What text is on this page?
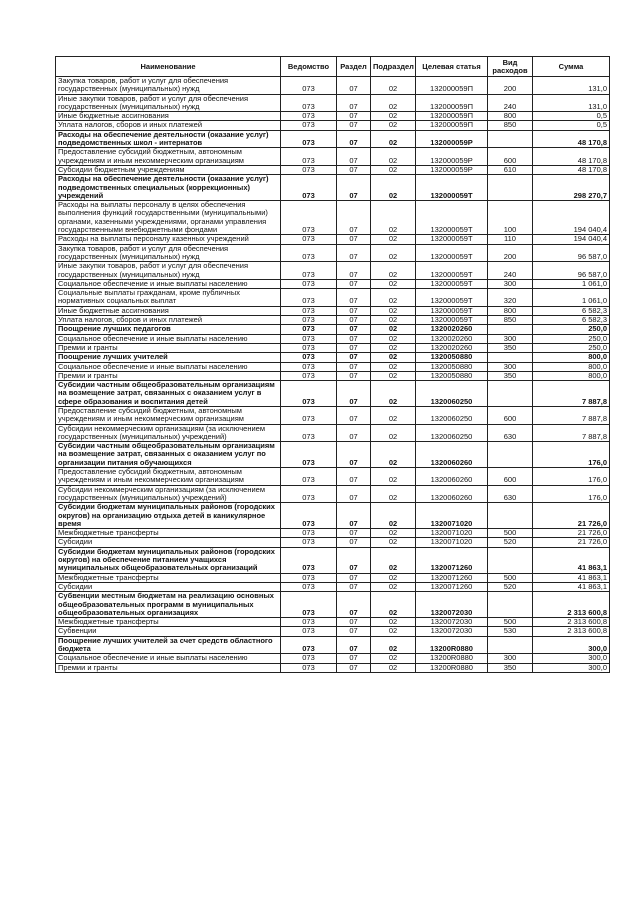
Наименование	Ведомство	Раздел	Подраздел	Целевая статья	Вид расходов	Сумма
Закупка товаров, работ и услуг для обеспечения государственных (муниципальных) нужд	073	07	02	132000059П	200	131,0
Иные закупки товаров, работ и услуг для обеспечения государственных (муниципальных) нужд	073	07	02	132000059П	240	131,0
Иные бюджетные ассигнования	073	07	02	132000059П	800	0,5
Уплата налогов, сборов и иных платежей	073	07	02	132000059П	850	0,5
Расходы на обеспечение деятельности (оказание услуг) подведомственных школ - интернатов	073	07	02	132000059Р		48 170,8
Предоставление субсидий бюджетным, автономным учреждениям и иным некоммерческим организациям	073	07	02	132000059Р	600	48 170,8
Субсидии бюджетным учреждениям	073	07	02	132000059Р	610	48 170,8
Расходы на обеспечение деятельности (оказание услуг) подведомственных специальных (коррекционных) учреждений	073	07	02	132000059Т		298 270,7
Расходы на выплаты персоналу в целях обеспечения выполнения функций государственными (муниципальными) органами, казенными учреждениями, органами управления государственными внебюджетными фондами	073	07	02	132000059Т	100	194 040,4
Расходы на выплаты персоналу казенных учреждений	073	07	02	132000059Т	110	194 040,4
Закупка товаров, работ и услуг для обеспечения государственных (муниципальных) нужд	073	07	02	132000059Т	200	96 587,0
Иные закупки товаров, работ и услуг для обеспечения государственных (муниципальных) нужд	073	07	02	132000059Т	240	96 587,0
Социальное обеспечение и иные выплаты населению	073	07	02	132000059Т	300	1 061,0
Социальные выплаты гражданам, кроме публичных нормативных социальных выплат	073	07	02	132000059Т	320	1 061,0
Иные бюджетные ассигнования	073	07	02	132000059Т	800	6 582,3
Уплата налогов, сборов и иных платежей	073	07	02	132000059Т	850	6 582,3
Поощрение лучших педагогов	073	07	02	1320020260		250,0
Социальное обеспечение и иные выплаты населению	073	07	02	1320020260	300	250,0
Премии и гранты	073	07	02	1320020260	350	250,0
Поощрение лучших учителей	073	07	02	1320050880		800,0
Социальное обеспечение и иные выплаты населению	073	07	02	1320050880	300	800,0
Премии и гранты	073	07	02	1320050880	350	800,0
Субсидии частным общеобразовательным организациям на возмещение затрат, связанных с оказанием услуг в сфере образования и воспитания детей	073	07	02	1320060250		7 887,8
Предоставление субсидий бюджетным, автономным учреждениям и иным некоммерческим организациям	073	07	02	1320060250	600	7 887,8
Субсидии некоммерческим организациям (за исключением государственных (муниципальных) учреждений)	073	07	02	1320060250	630	7 887,8
Субсидии частным общеобразовательным организациям на возмещение затрат, связанных с оказанием услуг по организации питания обучающихся	073	07	02	1320060260		176,0
Предоставление субсидий бюджетным, автономным учреждениям и иным некоммерческим организациям	073	07	02	1320060260	600	176,0
Субсидии некоммерческим организациям (за исключением государственных (муниципальных) учреждений)	073	07	02	1320060260	630	176,0
Субсидии бюджетам муниципальных районов (городских округов) на организацию отдыха детей в каникулярное время	073	07	02	1320071020		21 726,0
Межбюджетные трансферты	073	07	02	1320071020	500	21 726,0
Субсидии	073	07	02	1320071020	520	21 726,0
Субсидии бюджетам муниципальных районов (городских округов) на обеспечение питанием учащихся муниципальных общеобразовательных организаций	073	07	02	1320071260		41 863,1
Межбюджетные трансферты	073	07	02	1320071260	500	41 863,1
Субсидии	073	07	02	1320071260	520	41 863,1
Субвенции местным бюджетам на реализацию основных общеобразовательных программ в муниципальных общеобразовательных организациях	073	07	02	1320072030		2 313 600,8
Межбюджетные трансферты	073	07	02	1320072030	500	2 313 600,8
Субвенции	073	07	02	1320072030	530	2 313 600,8
Поощрение лучших учителей за счет средств областного бюджета	073	07	02	13200R0880		300,0
Социальное обеспечение и иные выплаты населению	073	07	02	13200R0880	300	300,0
Премии и гранты	073	07	02	13200R0880	350	300,0
